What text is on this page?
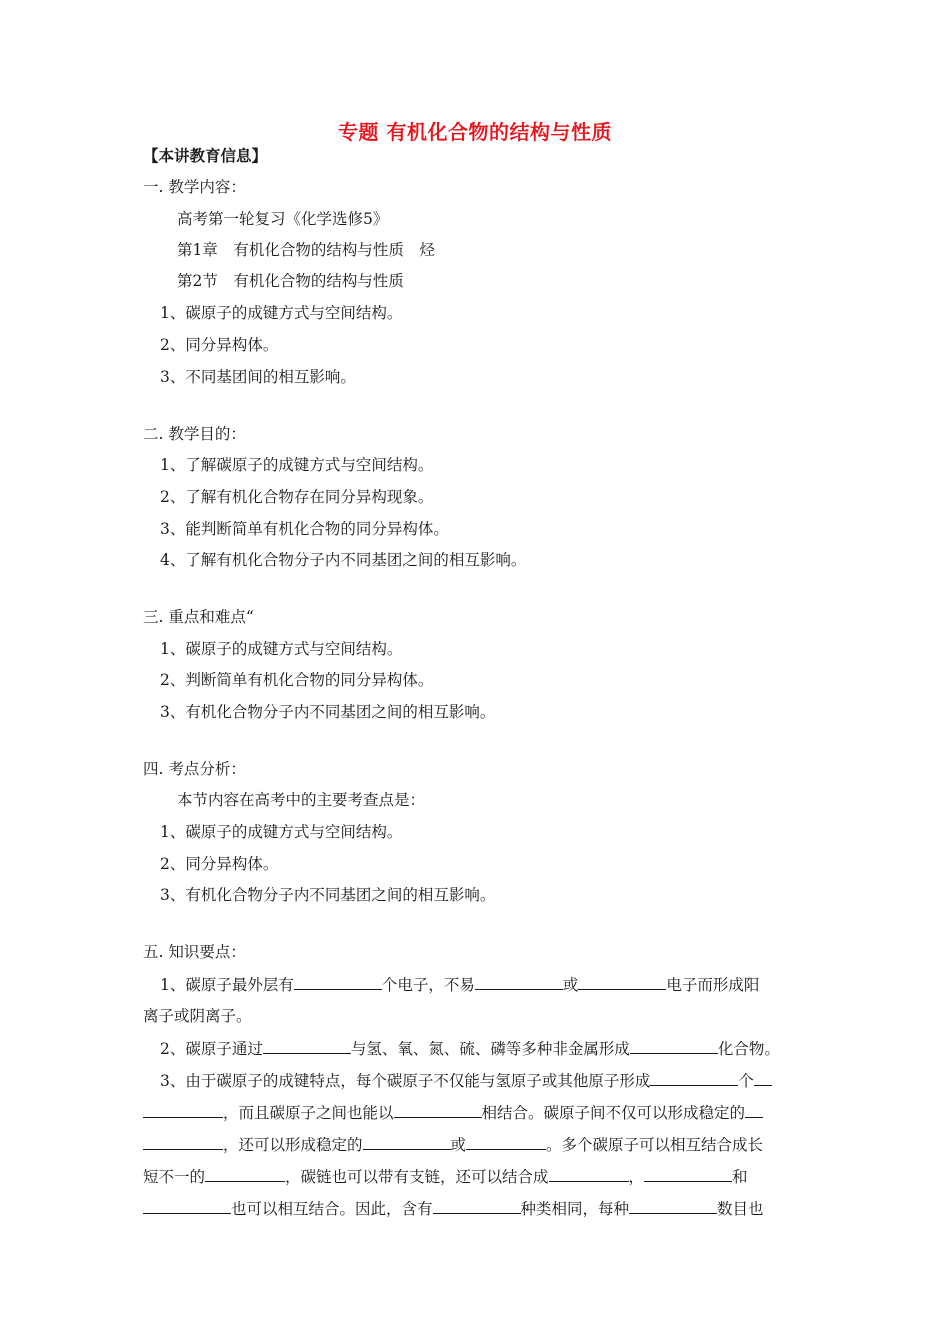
专题 有机化合物的结构与性质
【本讲教育信息】
一. 教学内容：
高考第一轮复习《化学选修5》
第1章　有机化合物的结构与性质　烃
第2节　有机化合物的结构与性质
1、碳原子的成键方式与空间结构。
2、同分异构体。
3、不同基团间的相互影响。
二. 教学目的：
1、了解碳原子的成键方式与空间结构。
2、了解有机化合物存在同分异构现象。
3、能判断简单有机化合物的同分异构体。
4、了解有机化合物分子内不同基团之间的相互影响。
三. 重点和难点“
1、碳原子的成键方式与空间结构。
2、判断简单有机化合物的同分异构体。
3、有机化合物分子内不同基团之间的相互影响。
四. 考点分析：
本节内容在高考中的主要考查点是：
1、碳原子的成键方式与空间结构。
2、同分异构体。
3、有机化合物分子内不同基团之间的相互影响。
五. 知识要点：
1、碳原子最外层有	个电子，不易	或	电子而形成阳
离子或阴离子。
2、碳原子通过	与氢、氧、氮、硫、磷等多种非金属形成	化合物。
3、由于碳原子的成键特点，每个碳原子不仅能与氢原子或其他原子形成	个
，而且碳原子之间也能以	相结合。碳原子间不仅可以形成稳定的
，还可以形成稳定的	或	。多个碳原子可以相互结合成长
短不一的	，碳链也可以带有支链，还可以结合成	，	和
也可以相互结合。因此，含有	种类相同，每种	数目也
